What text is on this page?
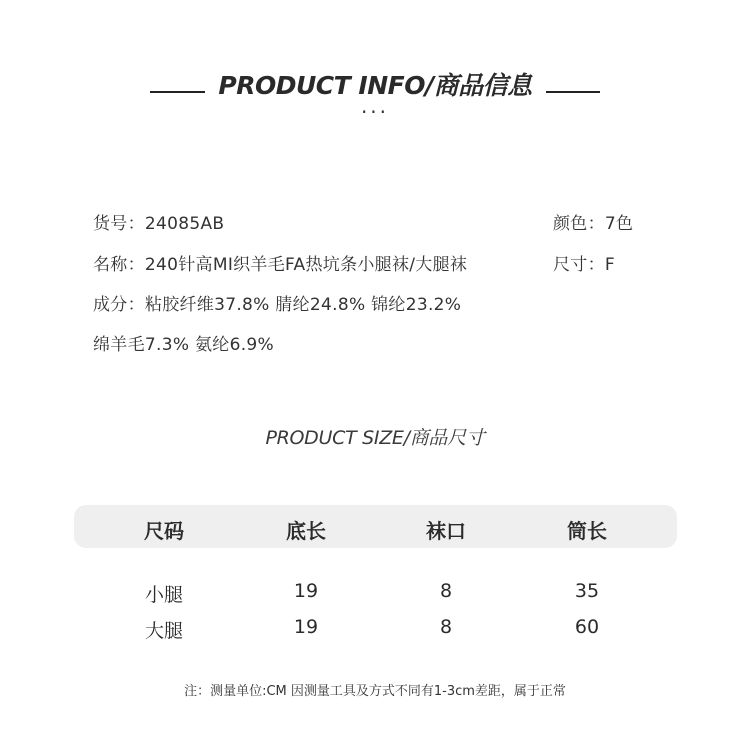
PRODUCT INFO/商品信息
···
货号：24085AB	颜色：7色
名称：240针高MI织羊毛FA热坑条小腿袜/大腿袜	尺寸：F
成分：粘胶纤维37.8% 腈纶24.8% 锦纶23.2%
绵羊毛7.3% 氨纶6.9%
PRODUCT SIZE/商品尺寸
尺码	底长	袜口	筒长
小腿	19	8	35
大腿	19	8	60
注：测量单位:CM 因测量工具及方式不同有1-3cm差距，属于正常
